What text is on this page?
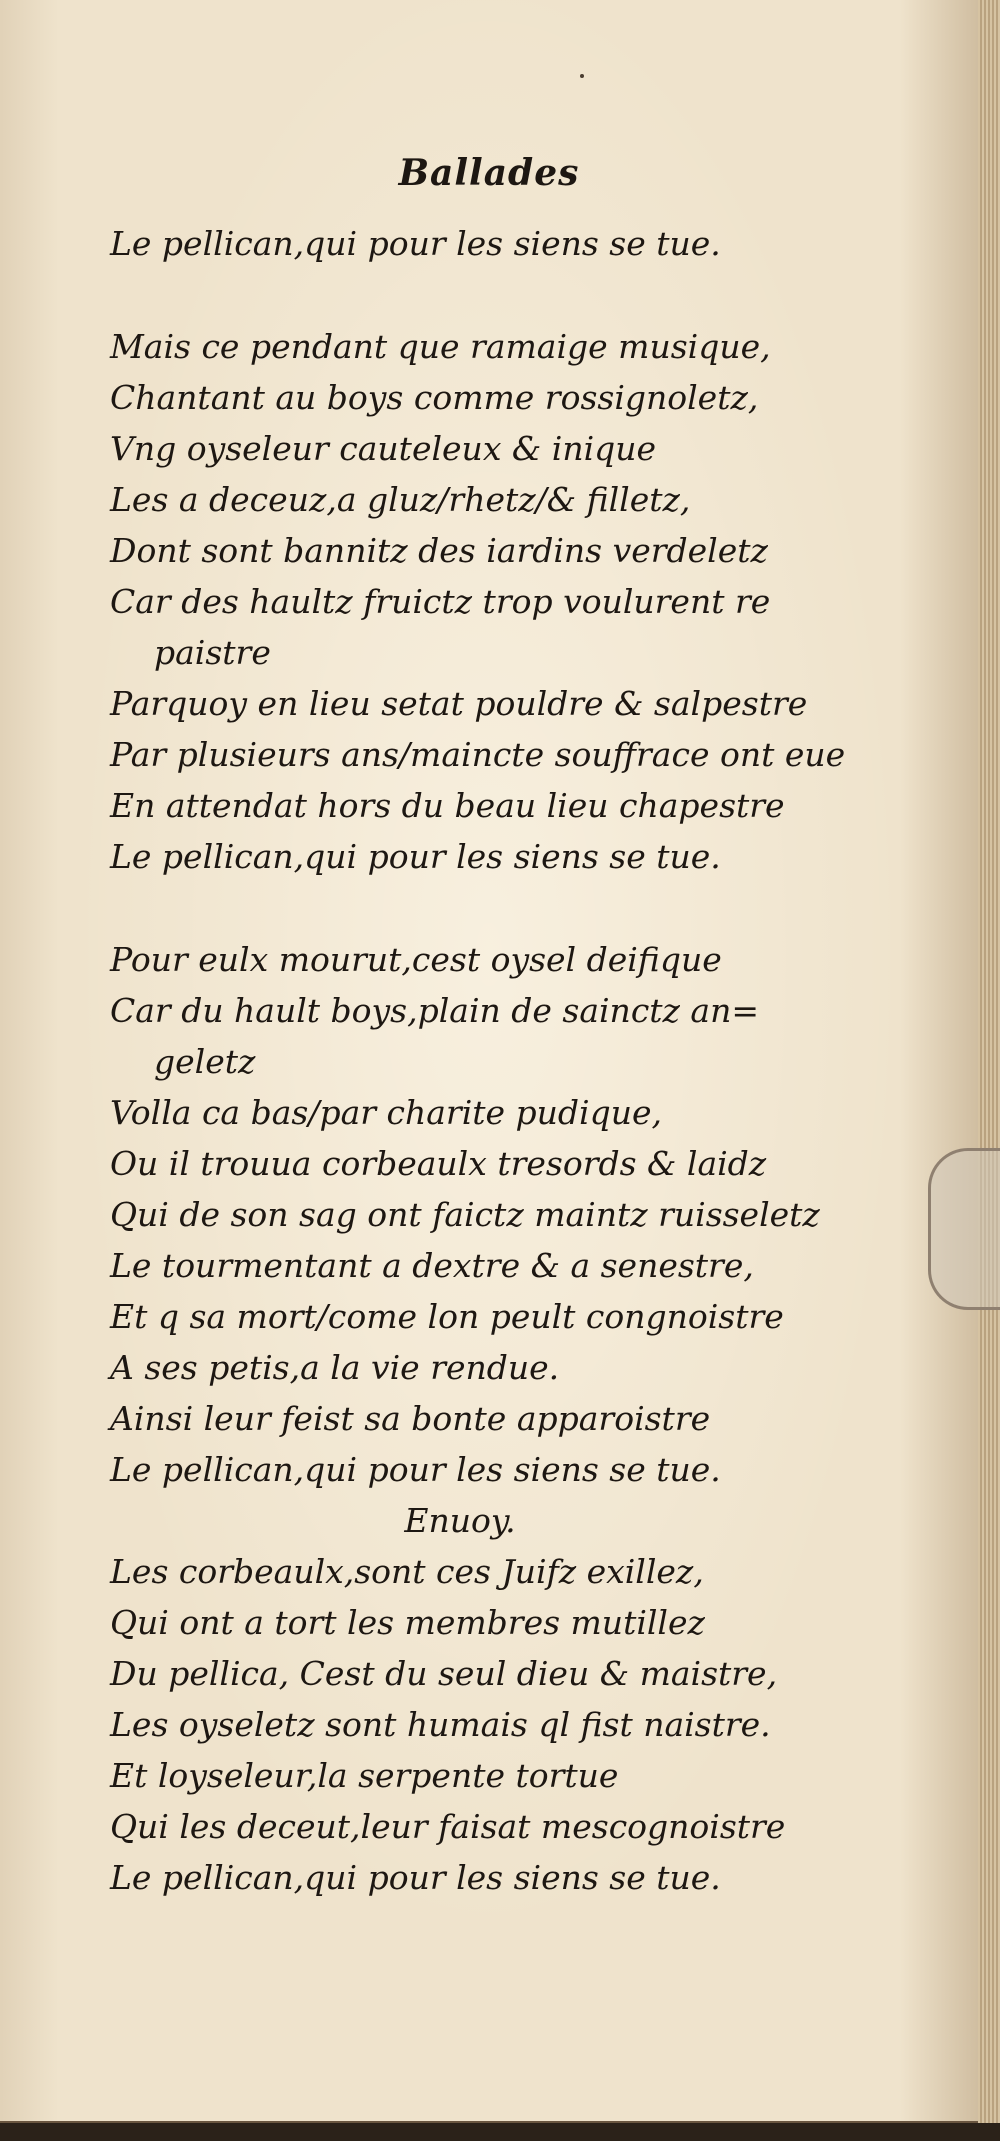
Ballades
Le pellican,qui pour les siens se tue.
Mais ce pendant que ramaige musique,
Chantant au boys comme rossignoletz,
Vng oyseleur cauteleux & inique
Les a deceuz,a gluz/rhetz/& filletz,
Dont sont bannitz des iardins verdeletz
Car des haultz fruictz trop voulurent re
paistre
Parquoy en lieu setat pouldre & salpestre
Par plusieurs ans/maincte souffrace ont eue
En attendat hors du beau lieu chapestre
Le pellican,qui pour les siens se tue.
Pour eulx mourut,cest oysel deifique
Car du hault boys,plain de sainctz an=
geletz
Volla ca bas/par charite pudique,
Ou il trouua corbeaulx tresords & laidz
Qui de son sag ont faictz maintz ruisseletz
Le tourmentant a dextre & a senestre,
Et q sa mort/come lon peult congnoistre
A ses petis,a la vie rendue.
Ainsi leur feist sa bonte apparoistre
Le pellican,qui pour les siens se tue.
Enuoy.
Les corbeaulx,sont ces Juifz exillez,
Qui ont a tort les membres mutillez
Du pellica, Cest du seul dieu & maistre,
Les oyseletz sont humais ql fist naistre.
Et loyseleur,la serpente tortue
Qui les deceut,leur faisat mescognoistre
Le pellican,qui pour les siens se tue.
